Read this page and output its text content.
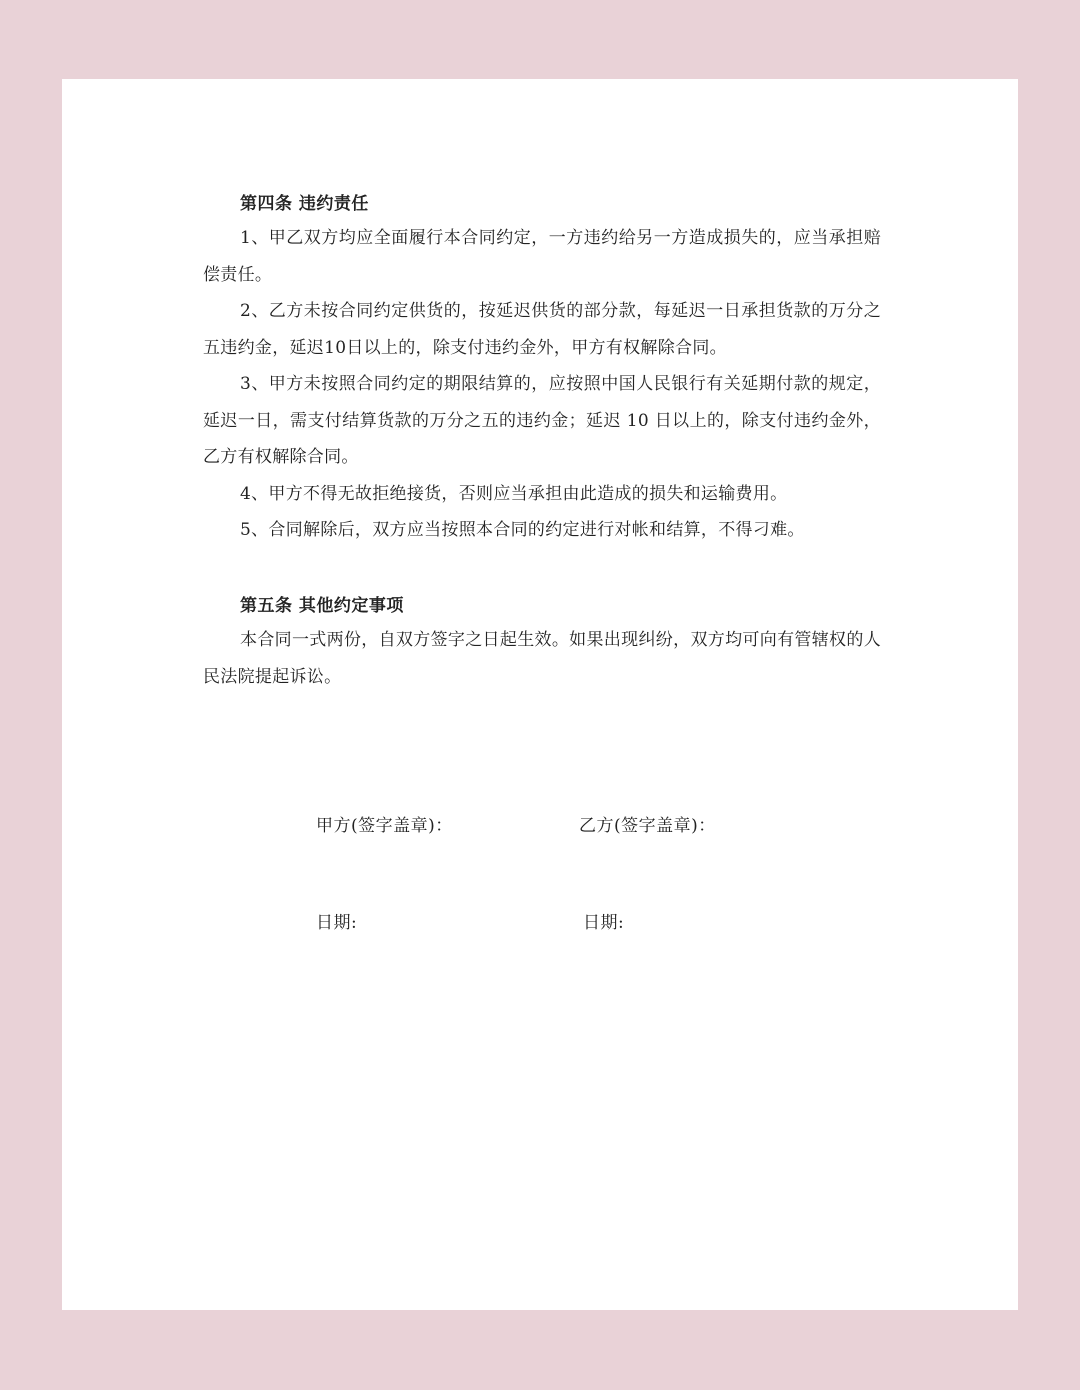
第四条 违约责任
1、甲乙双方均应全面履行本合同约定，一方违约给另一方造成损失的，应当承担赔偿责任。
2、乙方未按合同约定供货的，按延迟供货的部分款，每延迟一日承担货款的万分之五违约金，延迟10日以上的，除支付违约金外，甲方有权解除合同。
3、甲方未按照合同约定的期限结算的，应按照中国人民银行有关延期付款的规定，延迟一日，需支付结算货款的万分之五的违约金；延迟 10 日以上的，除支付违约金外，乙方有权解除合同。
4、甲方不得无故拒绝接货，否则应当承担由此造成的损失和运输费用。
5、合同解除后，双方应当按照本合同的约定进行对帐和结算，不得刁难。
第五条 其他约定事项
本合同一式两份，自双方签字之日起生效。如果出现纠纷，双方均可向有管辖权的人民法院提起诉讼。
甲方(签字盖章)：	乙方(签字盖章)：
日期:	日期:
